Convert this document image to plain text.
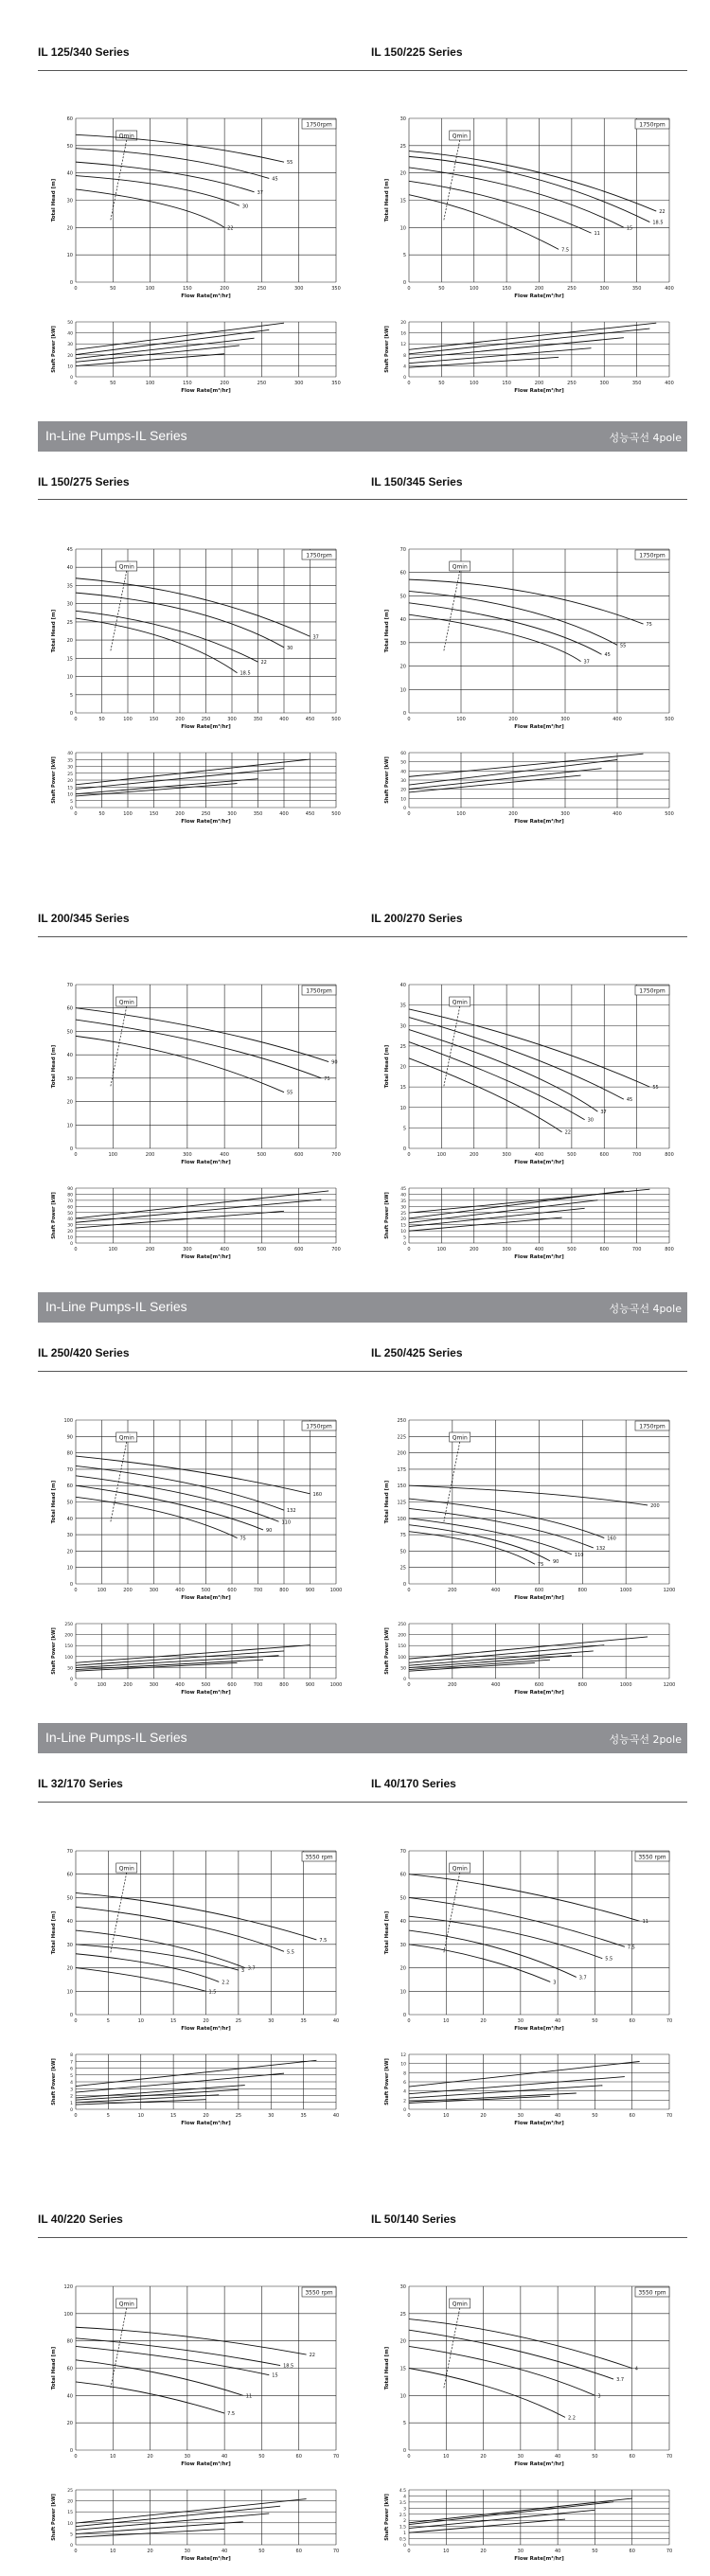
IL 125/340 Series	IL 150/225 Series
In-Line Pumps-IL Series	성능곡선 4pole
IL 150/275 Series	IL 150/345 Series
IL 200/345 Series	IL 200/270 Series
In-Line Pumps-IL Series	성능곡선 4pole
IL 250/420 Series	IL 250/425 Series
In-Line Pumps-IL Series	성능곡선 2pole
IL 32/170 Series	IL 40/170 Series
IL 40/220 Series	IL 50/140 Series
0	50	100	150	200	250	300	350
0
10
20
30
40
50
60
Flow Rate[m³/hr]
Total Head [m]
1750rpm
Qmin
55
45
37
30
22
0	50	100	150	200	250	300	350
0
10
20
30
40
50
Flow Rate[m³/hr]
Shaft Power [kW]
0	50	100	150	200	250	300	350	400
0
5
10
15
20
25
30
Flow Rate[m³/hr]
Total Head [m]
1750rpm
Qmin
22
18.5
15
11
7.5
0	50	100	150	200	250	300	350	400
0
4
8
12
16
20
Flow Rate[m³/hr]
Shaft Power [kW]
0	50	100	150	200	250	300	350	400	450	500
0
5
10
15
20
25
30
35
40
45
Flow Rate[m³/hr]
Total Head [m]
1750rpm
Qmin
37
30
22
18.5
0	50	100	150	200	250	300	350	400	450	500
0
5
10
15
20
25
30
35
40
Flow Rate[m³/hr]
Shaft Power [kW]
0	100	200	300	400	500
0
10
20
30
40
50
60
70
Flow Rate[m³/hr]
Total Head [m]
1750rpm
Qmin
75
55
45
37
0	100	200	300	400	500
0
10
20
30
40
50
60
Flow Rate[m³/hr]
Shaft Power [kW]
0	100	200	300	400	500	600	700
0
10
20
30
40
50
60
70
Flow Rate[m³/hr]
Total Head [m]
1750rpm
Qmin
90
75
55
0	100	200	300	400	500	600	700
0
10
20
30
40
50
60
70
80
90
Flow Rate[m³/hr]
Shaft Power [kW]
0	100	200	300	400	500	600	700	800
0
5
10
15
20
25
30
35
40
Flow Rate[m³/hr]
Total Head [m]
1750rpm
Qmin
55
45
37
30
22
0	100	200	300	400	500	600	700	800
0
5
10
15
20
25
30
35
40
45
Flow Rate[m³/hr]
Shaft Power [kW]
0	100	200	300	400	500	600	700	800	900	1000
0
10
20
30
40
50
60
70
80
90
100
Flow Rate[m³/hr]
Total Head [m]
1750rpm
Qmin
160
132
110
90
75
0	100	200	300	400	500	600	700	800	900	1000
0
50
100
150
200
250
Flow Rate[m³/hr]
Shaft Power [kW]
0	200	400	600	800	1000	1200
0
25
50
75
100
125
150
175
200
225
250
Flow Rate[m³/hr]
Total Head [m]
1750rpm
Qmin
200
160
132
110
90
75
0	200	400	600	800	1000	1200
0
50
100
150
200
250
Flow Rate[m³/hr]
Shaft Power [kW]
0	5	10	15	20	25	30	35	40
0
10
20
30
40
50
60
70
Flow Rate[m³/hr]
Total Head [m]
3550 rpm
Qmin
7.5
5.5
3.7
3
2.2
1.5
0	5	10	15	20	25	30	35	40
0
1
2
3
4
5
6
7
8
Flow Rate[m³/hr]
Shaft Power [kW]
0	10	20	30	40	50	60	70
0
10
20
30
40
50
60
70
Flow Rate[m³/hr]
Total Head [m]
3550 rpm
Qmin
11
7.5
5.5
3.7
3
0	10	20	30	40	50	60	70
0
2
4
6
8
10
12
Flow Rate[m³/hr]
Shaft Power [kW]
0	10	20	30	40	50	60	70
0
20
40
60
80
100
120
Flow Rate[m³/hr]
Total Head [m]
3550 rpm
Qmin
22
18.5
15
11
7.5
0	10	20	30	40	50	60	70
0
5
10
15
20
25
Flow Rate[m³/hr]
Shaft Power [kW]
0	10	20	30	40	50	60	70
0
5
10
15
20
25
30
Flow Rate[m³/hr]
Total Head [m]
3550 rpm
Qmin
4
3.7
3
2.2
0	10	20	30	40	50	60	70
0
0.5
1
1.5
2
2.5
3
3.5
4
4.5
Flow Rate[m³/hr]
Shaft Power [kW]
